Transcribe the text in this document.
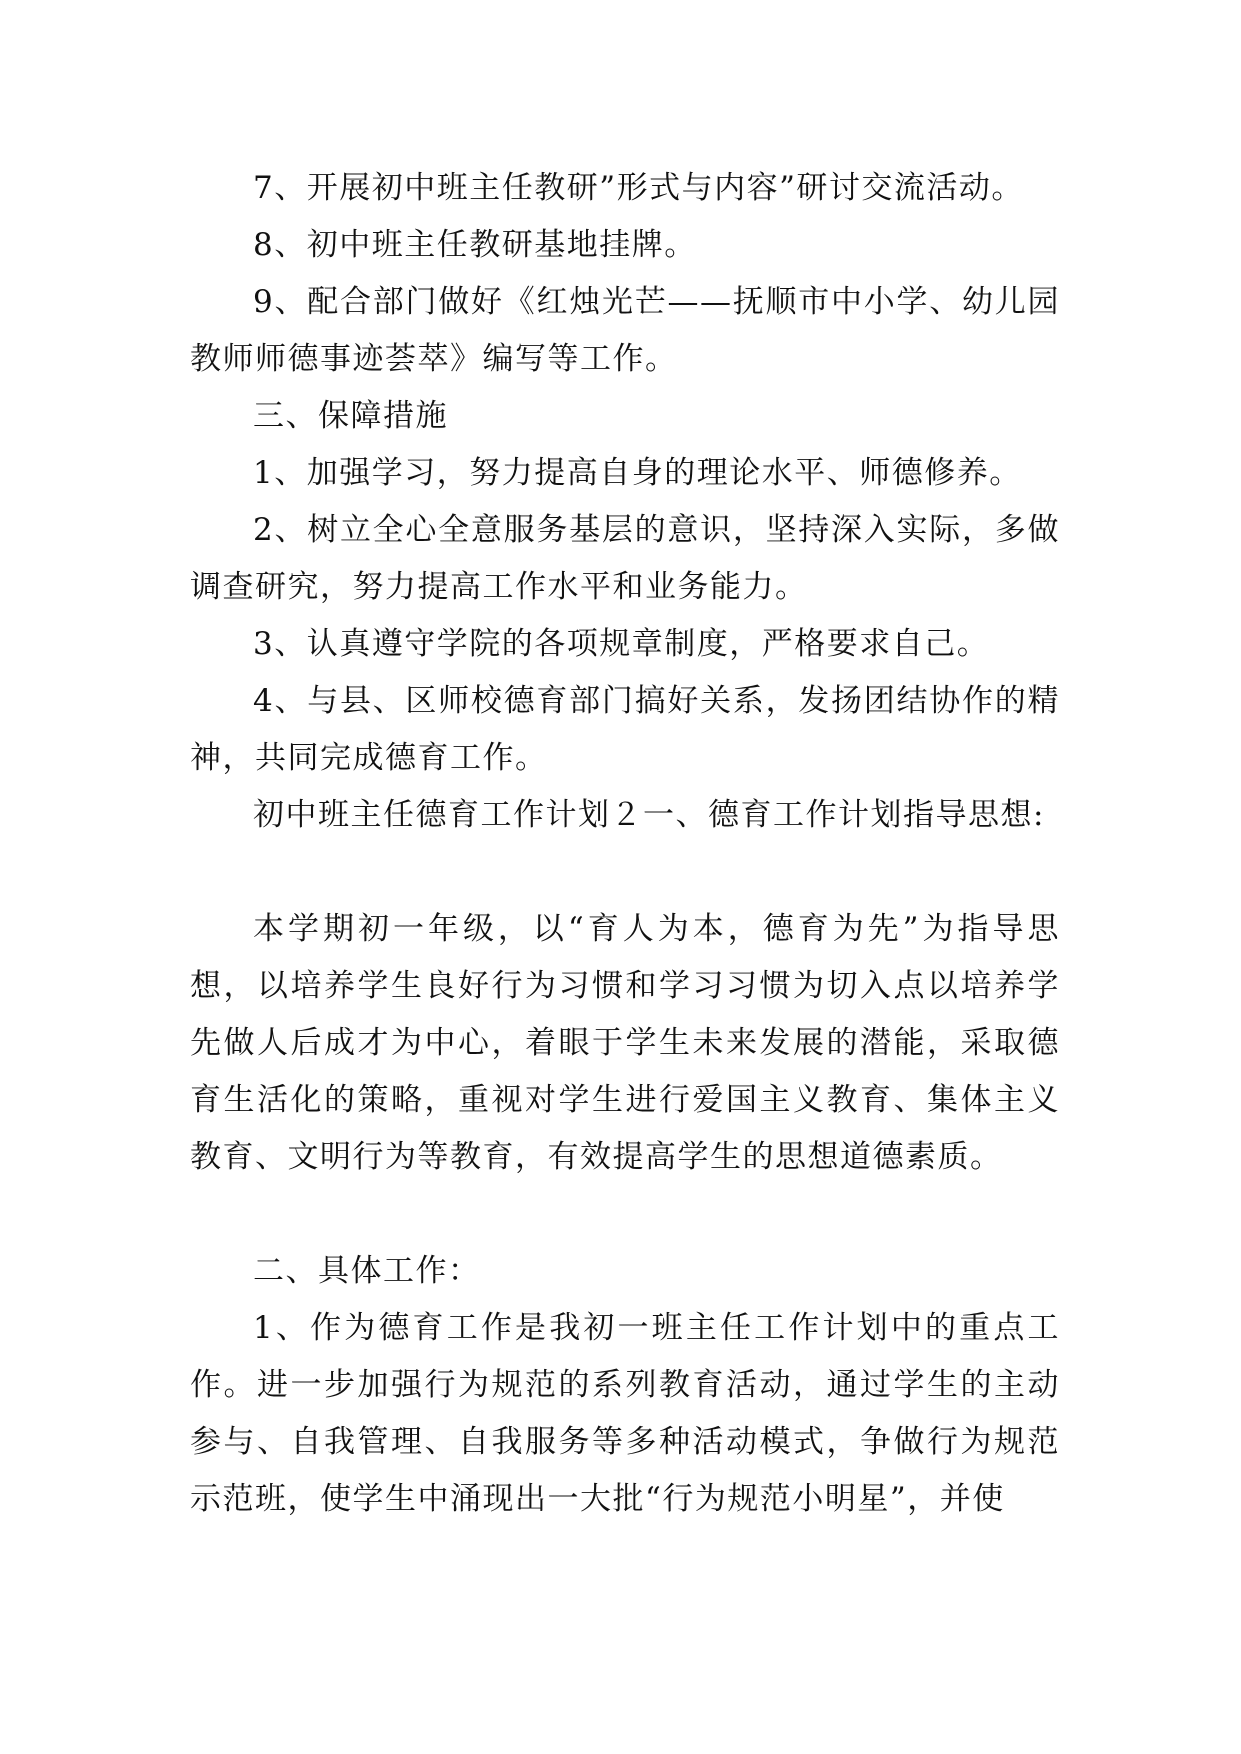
7、开展初中班主任教研”形式与内容”研讨交流活动。

8、初中班主任教研基地挂牌。

9、配合部门做好《红烛光芒——抚顺市中小学、幼儿园教师师德事迹荟萃》编写等工作。

三、保障措施

1、加强学习，努力提高自身的理论水平、师德修养。

2、树立全心全意服务基层的意识，坚持深入实际，多做调查研究，努力提高工作水平和业务能力。

3、认真遵守学院的各项规章制度，严格要求自己。

4、与县、区师校德育部门搞好关系，发扬团结协作的精神，共同完成德育工作。

初中班主任德育工作计划２一、德育工作计划指导思想:

本学期初一年级，以“育人为本，德育为先”为指导思想，以培养学生良好行为习惯和学习习惯为切入点以培养学先做人后成才为中心，着眼于学生未来发展的潜能，采取德育生活化的策略，重视对学生进行爱国主义教育、集体主义教育、文明行为等教育，有效提高学生的思想道德素质。

二、具体工作：

1、作为德育工作是我初一班主任工作计划中的重点工作。进一步加强行为规范的系列教育活动，通过学生的主动参与、自我管理、自我服务等多种活动模式，争做行为规范示范班，使学生中涌现出一大批“行为规范小明星”，并使
